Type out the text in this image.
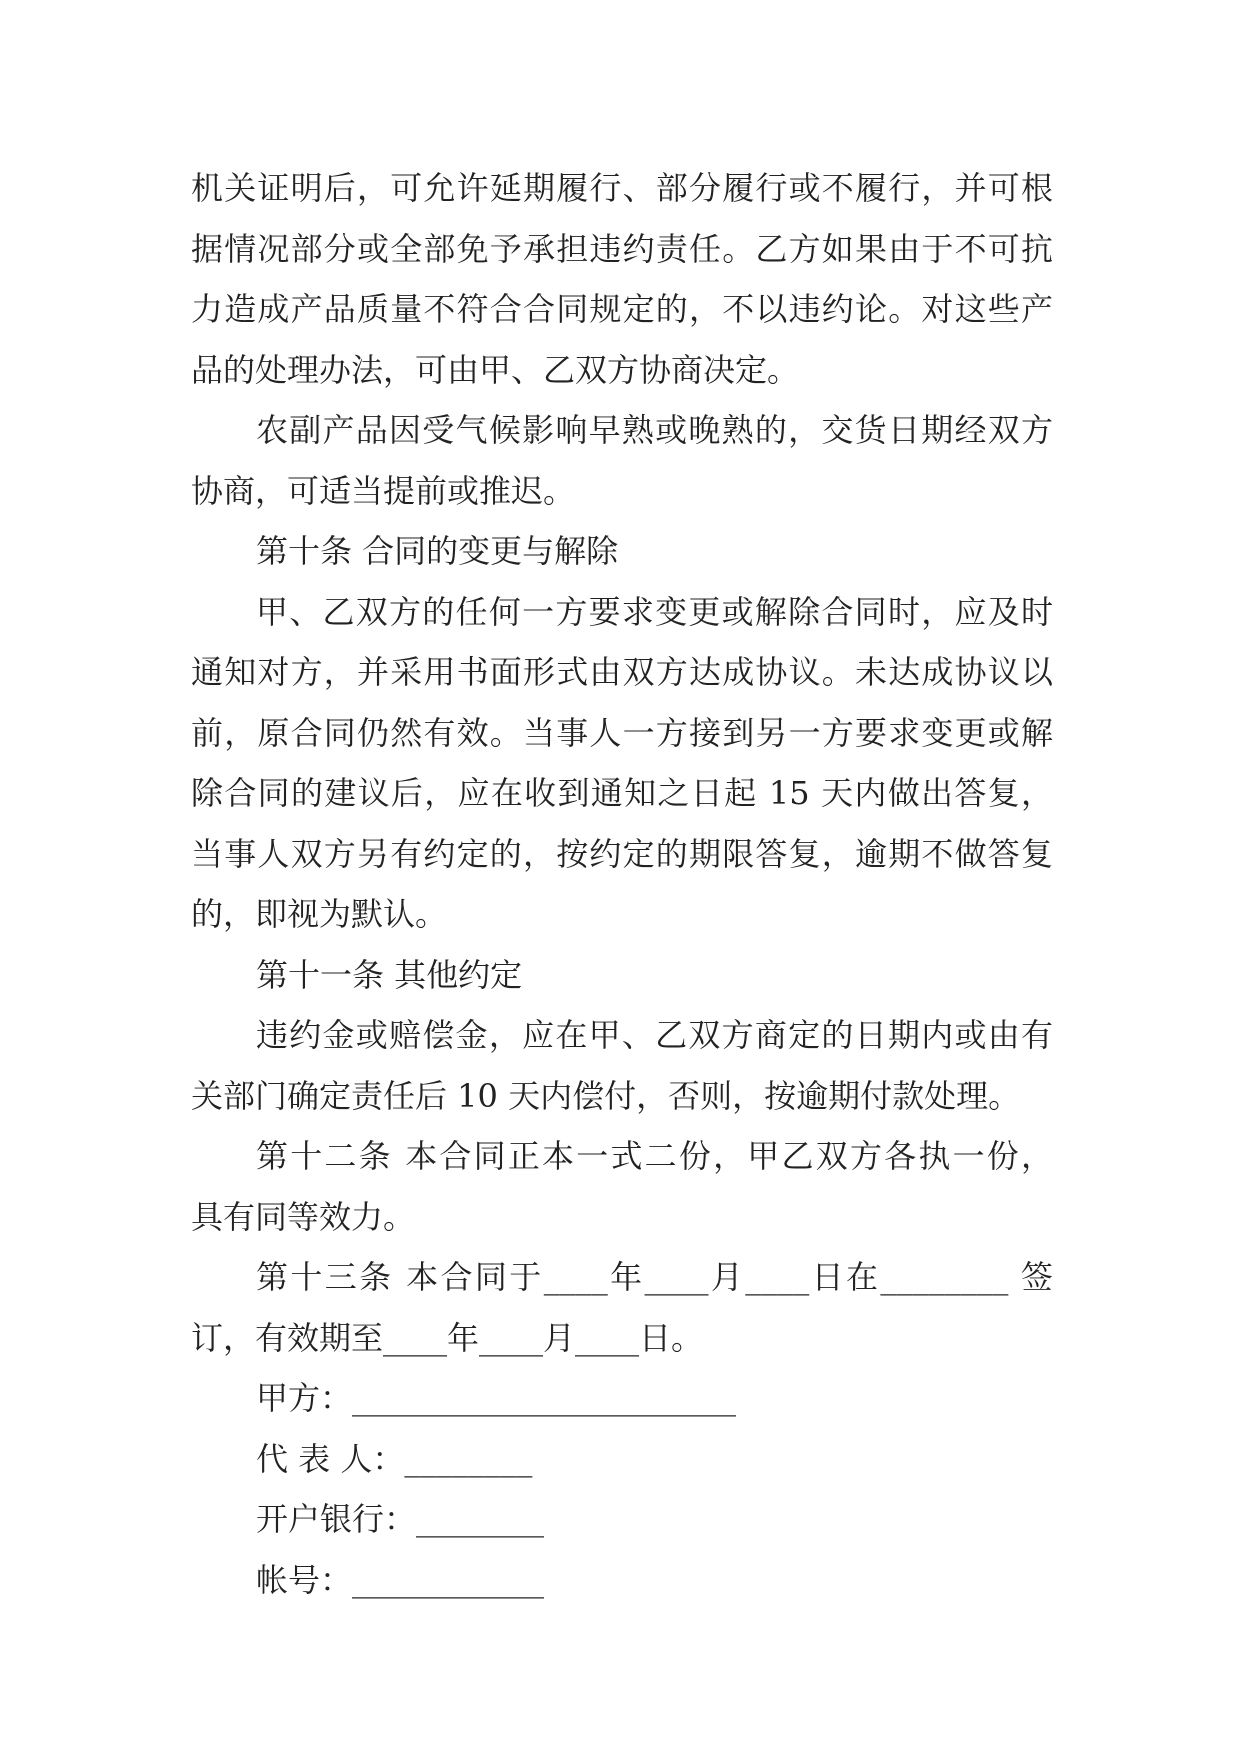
机关证明后，可允许延期履行、部分履行或不履行，并可根
据情况部分或全部免予承担违约责任。乙方如果由于不可抗
力造成产品质量不符合合同规定的，不以违约论。对这些产
品的处理办法，可由甲、乙双方协商决定。
农副产品因受气候影响早熟或晚熟的，交货日期经双方
协商，可适当提前或推迟。
第十条 合同的变更与解除
甲、乙双方的任何一方要求变更或解除合同时，应及时
通知对方，并采用书面形式由双方达成协议。未达成协议以
前，原合同仍然有效。当事人一方接到另一方要求变更或解
除合同的建议后，应在收到通知之日起 15 天内做出答复，
当事人双方另有约定的，按约定的期限答复，逾期不做答复
的，即视为默认。
第十一条 其他约定
违约金或赔偿金，应在甲、乙双方商定的日期内或由有
关部门确定责任后 10 天内偿付，否则，按逾期付款处理。
第十二条 本合同正本一式二份，甲乙双方各执一份，
具有同等效力。
第十三条 本合同于____年____月____日在________ 签
订，有效期至____年____月____日。
甲方：________________________
代 表 人：________
开户银行：________
帐号：____________
